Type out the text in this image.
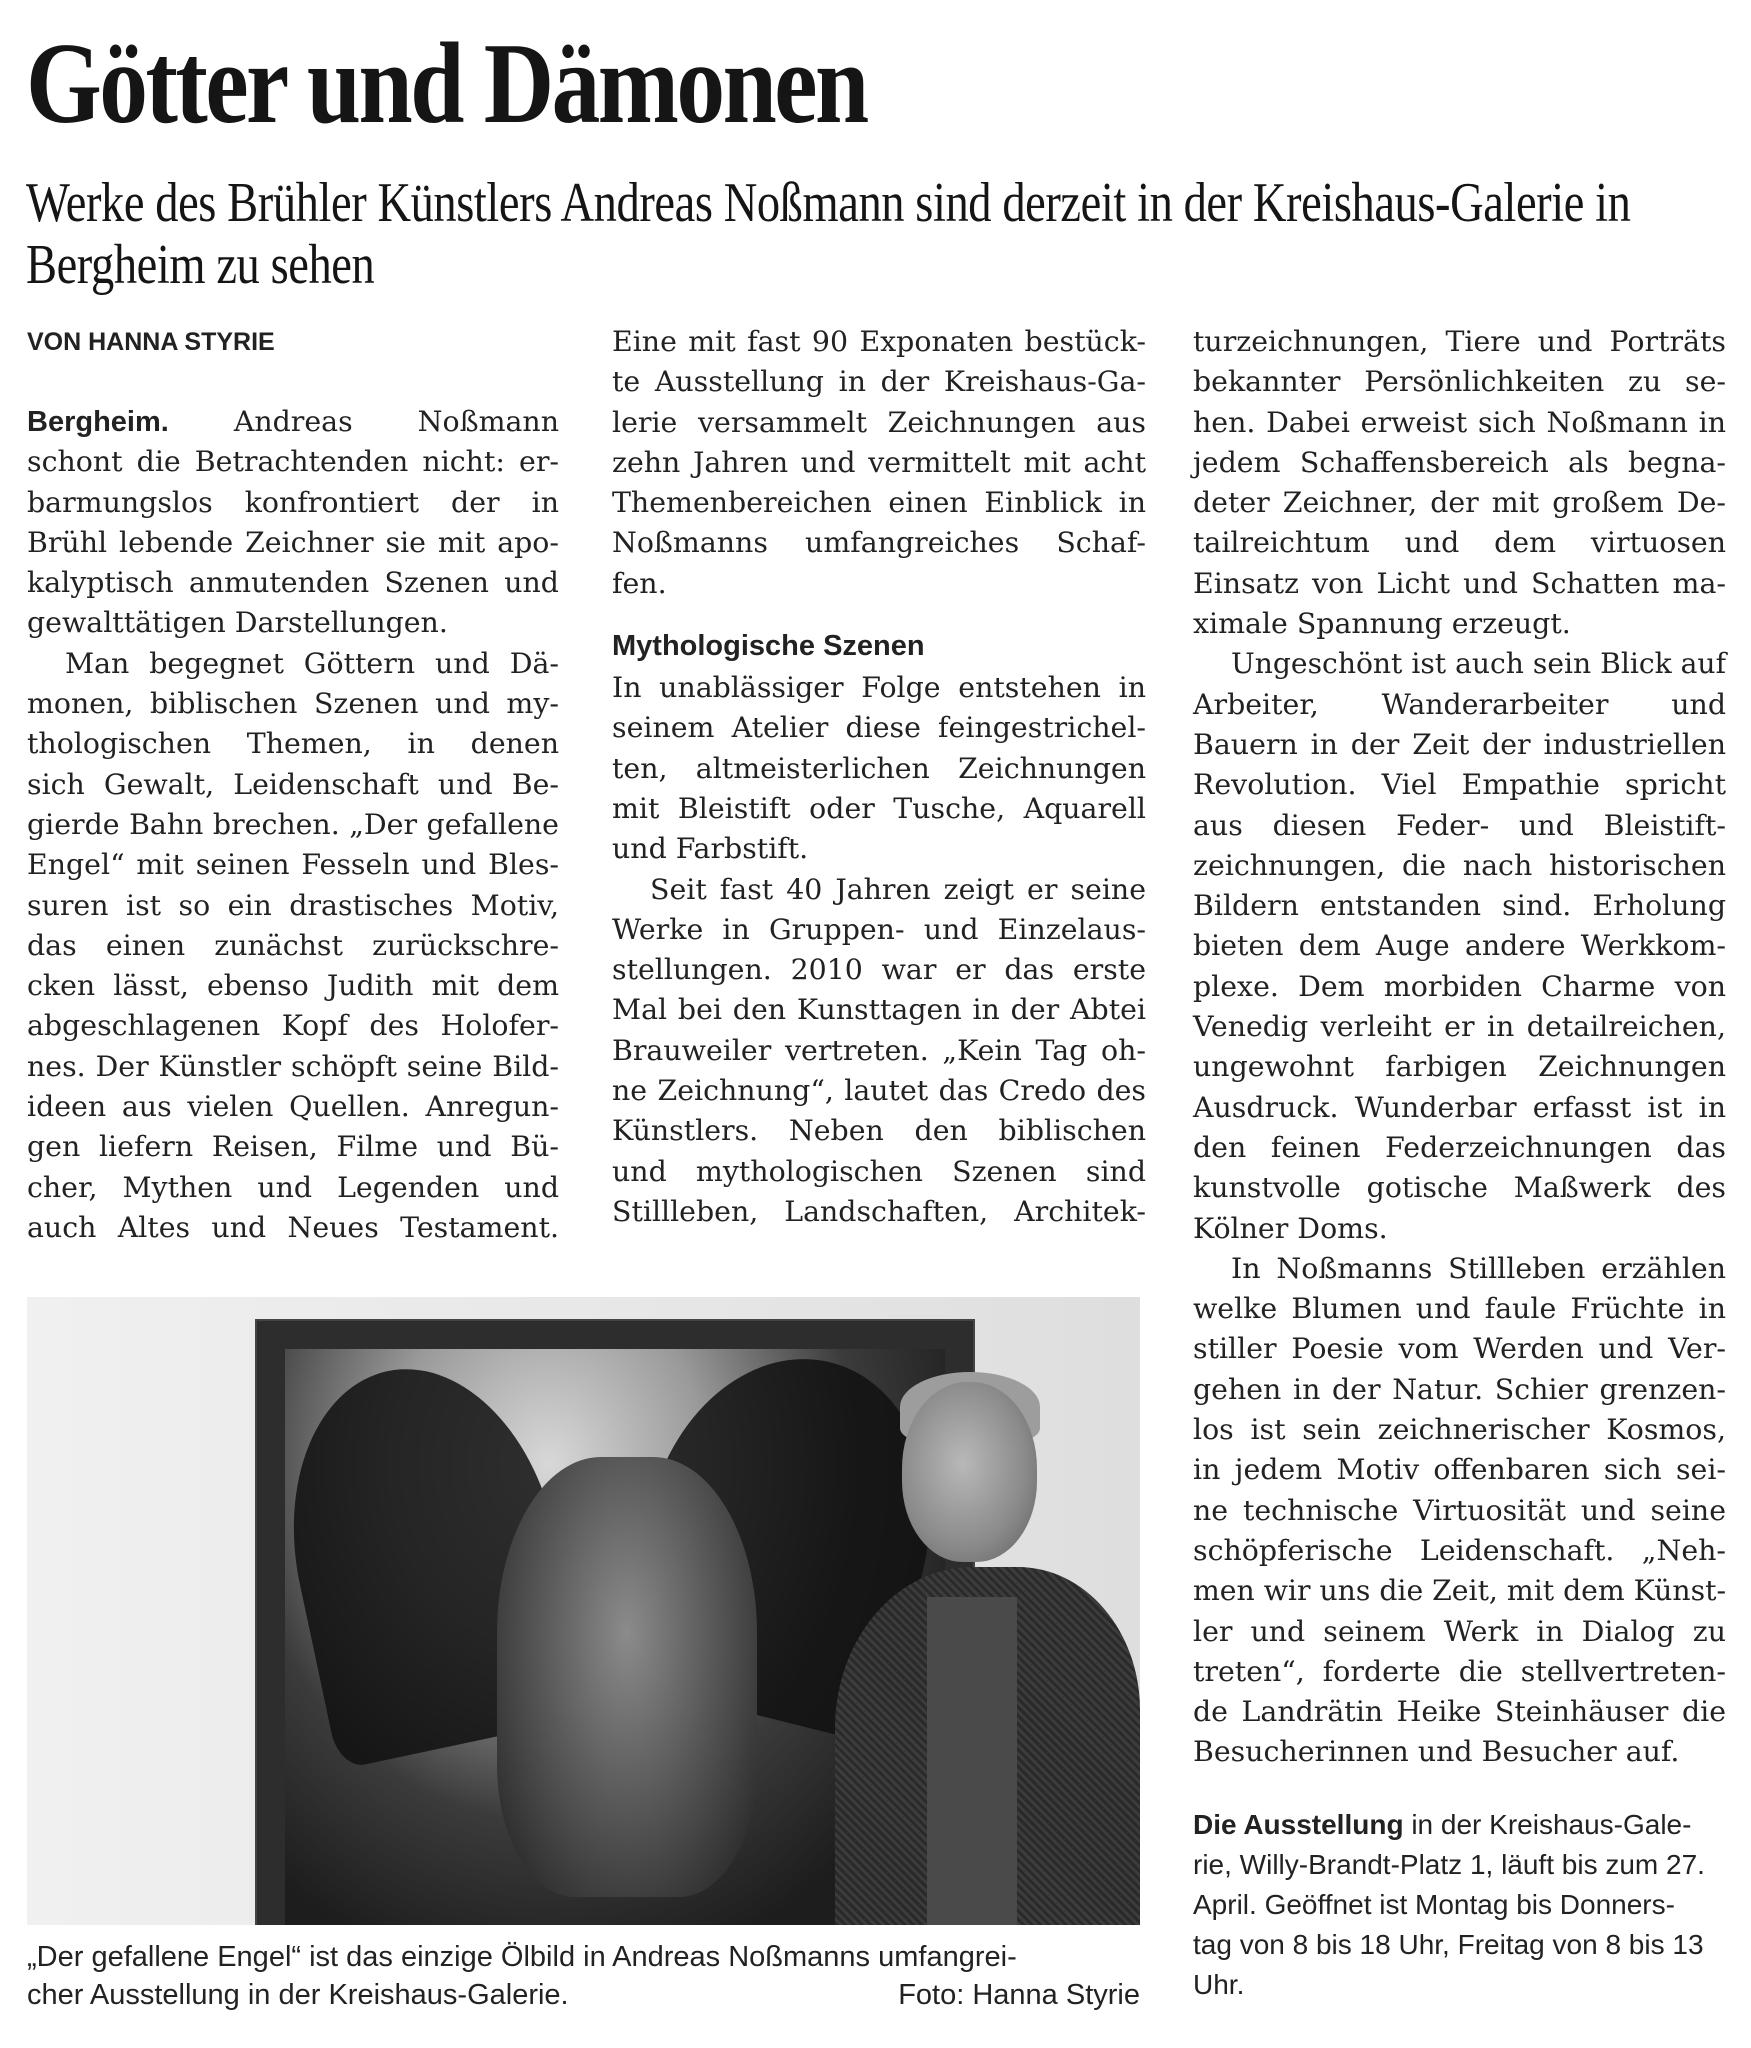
Götter und Dämonen
Werke des Brühler Künstlers Andreas Noßmann sind derzeit in der Kreishaus-Galerie in Bergheim zu sehen
VON HANNA STYRIE
Bergheim. Andreas Noßmann
schont die Betrachtenden nicht: er-
barmungslos konfrontiert der in
Brühl lebende Zeichner sie mit apo-
kalyptisch anmutenden Szenen und
gewalttätigen Darstellungen.
Man begegnet Göttern und Dä-
monen, biblischen Szenen und my-
thologischen Themen, in denen
sich Gewalt, Leidenschaft und Be-
gierde Bahn brechen. „Der gefallene
Engel“ mit seinen Fesseln und Bles-
suren ist so ein drastisches Motiv,
das einen zunächst zurückschre-
cken lässt, ebenso Judith mit dem
abgeschlagenen Kopf des Holofer-
nes. Der Künstler schöpft seine Bild-
ideen aus vielen Quellen. Anregun-
gen liefern Reisen, Filme und Bü-
cher, Mythen und Legenden und
auch Altes und Neues Testament.
Eine mit fast 90 Exponaten bestück-
te Ausstellung in der Kreishaus-Ga-
lerie versammelt Zeichnungen aus
zehn Jahren und vermittelt mit acht
Themenbereichen einen Einblick in
Noßmanns umfangreiches Schaf-
fen.
Mythologische Szenen
In unablässiger Folge entstehen in
seinem Atelier diese feingestrichel-
ten, altmeisterlichen Zeichnungen
mit Bleistift oder Tusche, Aquarell
und Farbstift.
Seit fast 40 Jahren zeigt er seine
Werke in Gruppen- und Einzelaus-
stellungen. 2010 war er das erste
Mal bei den Kunsttagen in der Abtei
Brauweiler vertreten. „Kein Tag oh-
ne Zeichnung“, lautet das Credo des
Künstlers. Neben den biblischen
und mythologischen Szenen sind
Stillleben, Landschaften, Architek-
turzeichnungen, Tiere und Porträts
bekannter Persönlichkeiten zu se-
hen. Dabei erweist sich Noßmann in
jedem Schaffensbereich als begna-
deter Zeichner, der mit großem De-
tailreichtum und dem virtuosen
Einsatz von Licht und Schatten ma-
ximale Spannung erzeugt.
Ungeschönt ist auch sein Blick auf
Arbeiter, Wanderarbeiter und
Bauern in der Zeit der industriellen
Revolution. Viel Empathie spricht
aus diesen Feder- und Bleistift-
zeichnungen, die nach historischen
Bildern entstanden sind. Erholung
bieten dem Auge andere Werkkom-
plexe. Dem morbiden Charme von
Venedig verleiht er in detailreichen,
ungewohnt farbigen Zeichnungen
Ausdruck. Wunderbar erfasst ist in
den feinen Federzeichnungen das
kunstvolle gotische Maßwerk des
Kölner Doms.
In Noßmanns Stillleben erzählen
welke Blumen und faule Früchte in
stiller Poesie vom Werden und Ver-
gehen in der Natur. Schier grenzen-
los ist sein zeichnerischer Kosmos,
in jedem Motiv offenbaren sich sei-
ne technische Virtuosität und seine
schöpferische Leidenschaft. „Neh-
men wir uns die Zeit, mit dem Künst-
ler und seinem Werk in Dialog zu
treten“, forderte die stellvertreten-
de Landrätin Heike Steinhäuser die
Besucherinnen und Besucher auf.
„Der gefallene Engel“ ist das einzige Ölbild in Andreas Noßmanns umfangrei-
cher Ausstellung in der Kreishaus-Galerie.	Foto: Hanna Styrie
Die Ausstellung in der Kreishaus-Gale-
rie, Willy-Brandt-Platz 1, läuft bis zum 27.
April. Geöffnet ist Montag bis Donners-
tag von 8 bis 18 Uhr, Freitag von 8 bis 13
Uhr.
